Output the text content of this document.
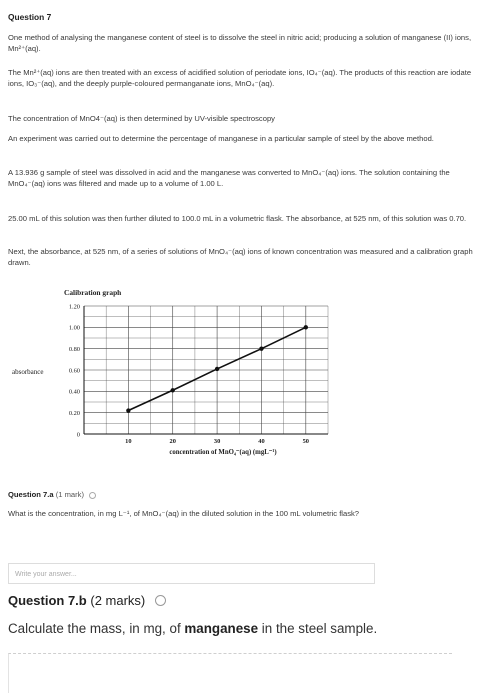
Question 7
One method of analysing the manganese content of steel is to dissolve the steel in nitric acid; producing a solution of manganese (II) ions, Mn²⁺(aq).
The Mn²⁺(aq) ions are then treated with an excess of acidified solution of periodate ions, IO₄⁻(aq). The products of this reaction are iodate ions, IO₃⁻(aq), and the deeply purple-coloured permanganate ions, MnO₄⁻(aq).
The concentration of MnO4⁻(aq) is then determined by UV-visible spectroscopy
An experiment was carried out to determine the percentage of manganese in a particular sample of steel by the above method.
A 13.936 g sample of steel was dissolved in acid and the manganese was converted to MnO₄⁻(aq) ions. The solution containing the MnO₄⁻(aq) ions was filtered and made up to a volume of 1.00 L.
25.00 mL of this solution was then further diluted to 100.0 mL in a volumetric flask. The absorbance, at 525 nm, of this solution was 0.70.
Next, the absorbance, at 525 nm, of a series of solutions of MnO₄⁻(aq) ions of known concentration was measured and a calibration graph drawn.
Calibration graph
absorbance
0
0.20
0.40
0.60
0.80
1.00
1.20
10	20	30	40	50
concentration of MnO₄⁻(aq) (mgL⁻¹)
Question 7.a (1 mark)
What is the concentration, in mg L⁻¹, of MnO₄⁻(aq) in the diluted solution in the 100 mL volumetric flask?
Write your answer...
Question 7.b (2 marks)
Calculate the mass, in mg, of manganese in the steel sample.
